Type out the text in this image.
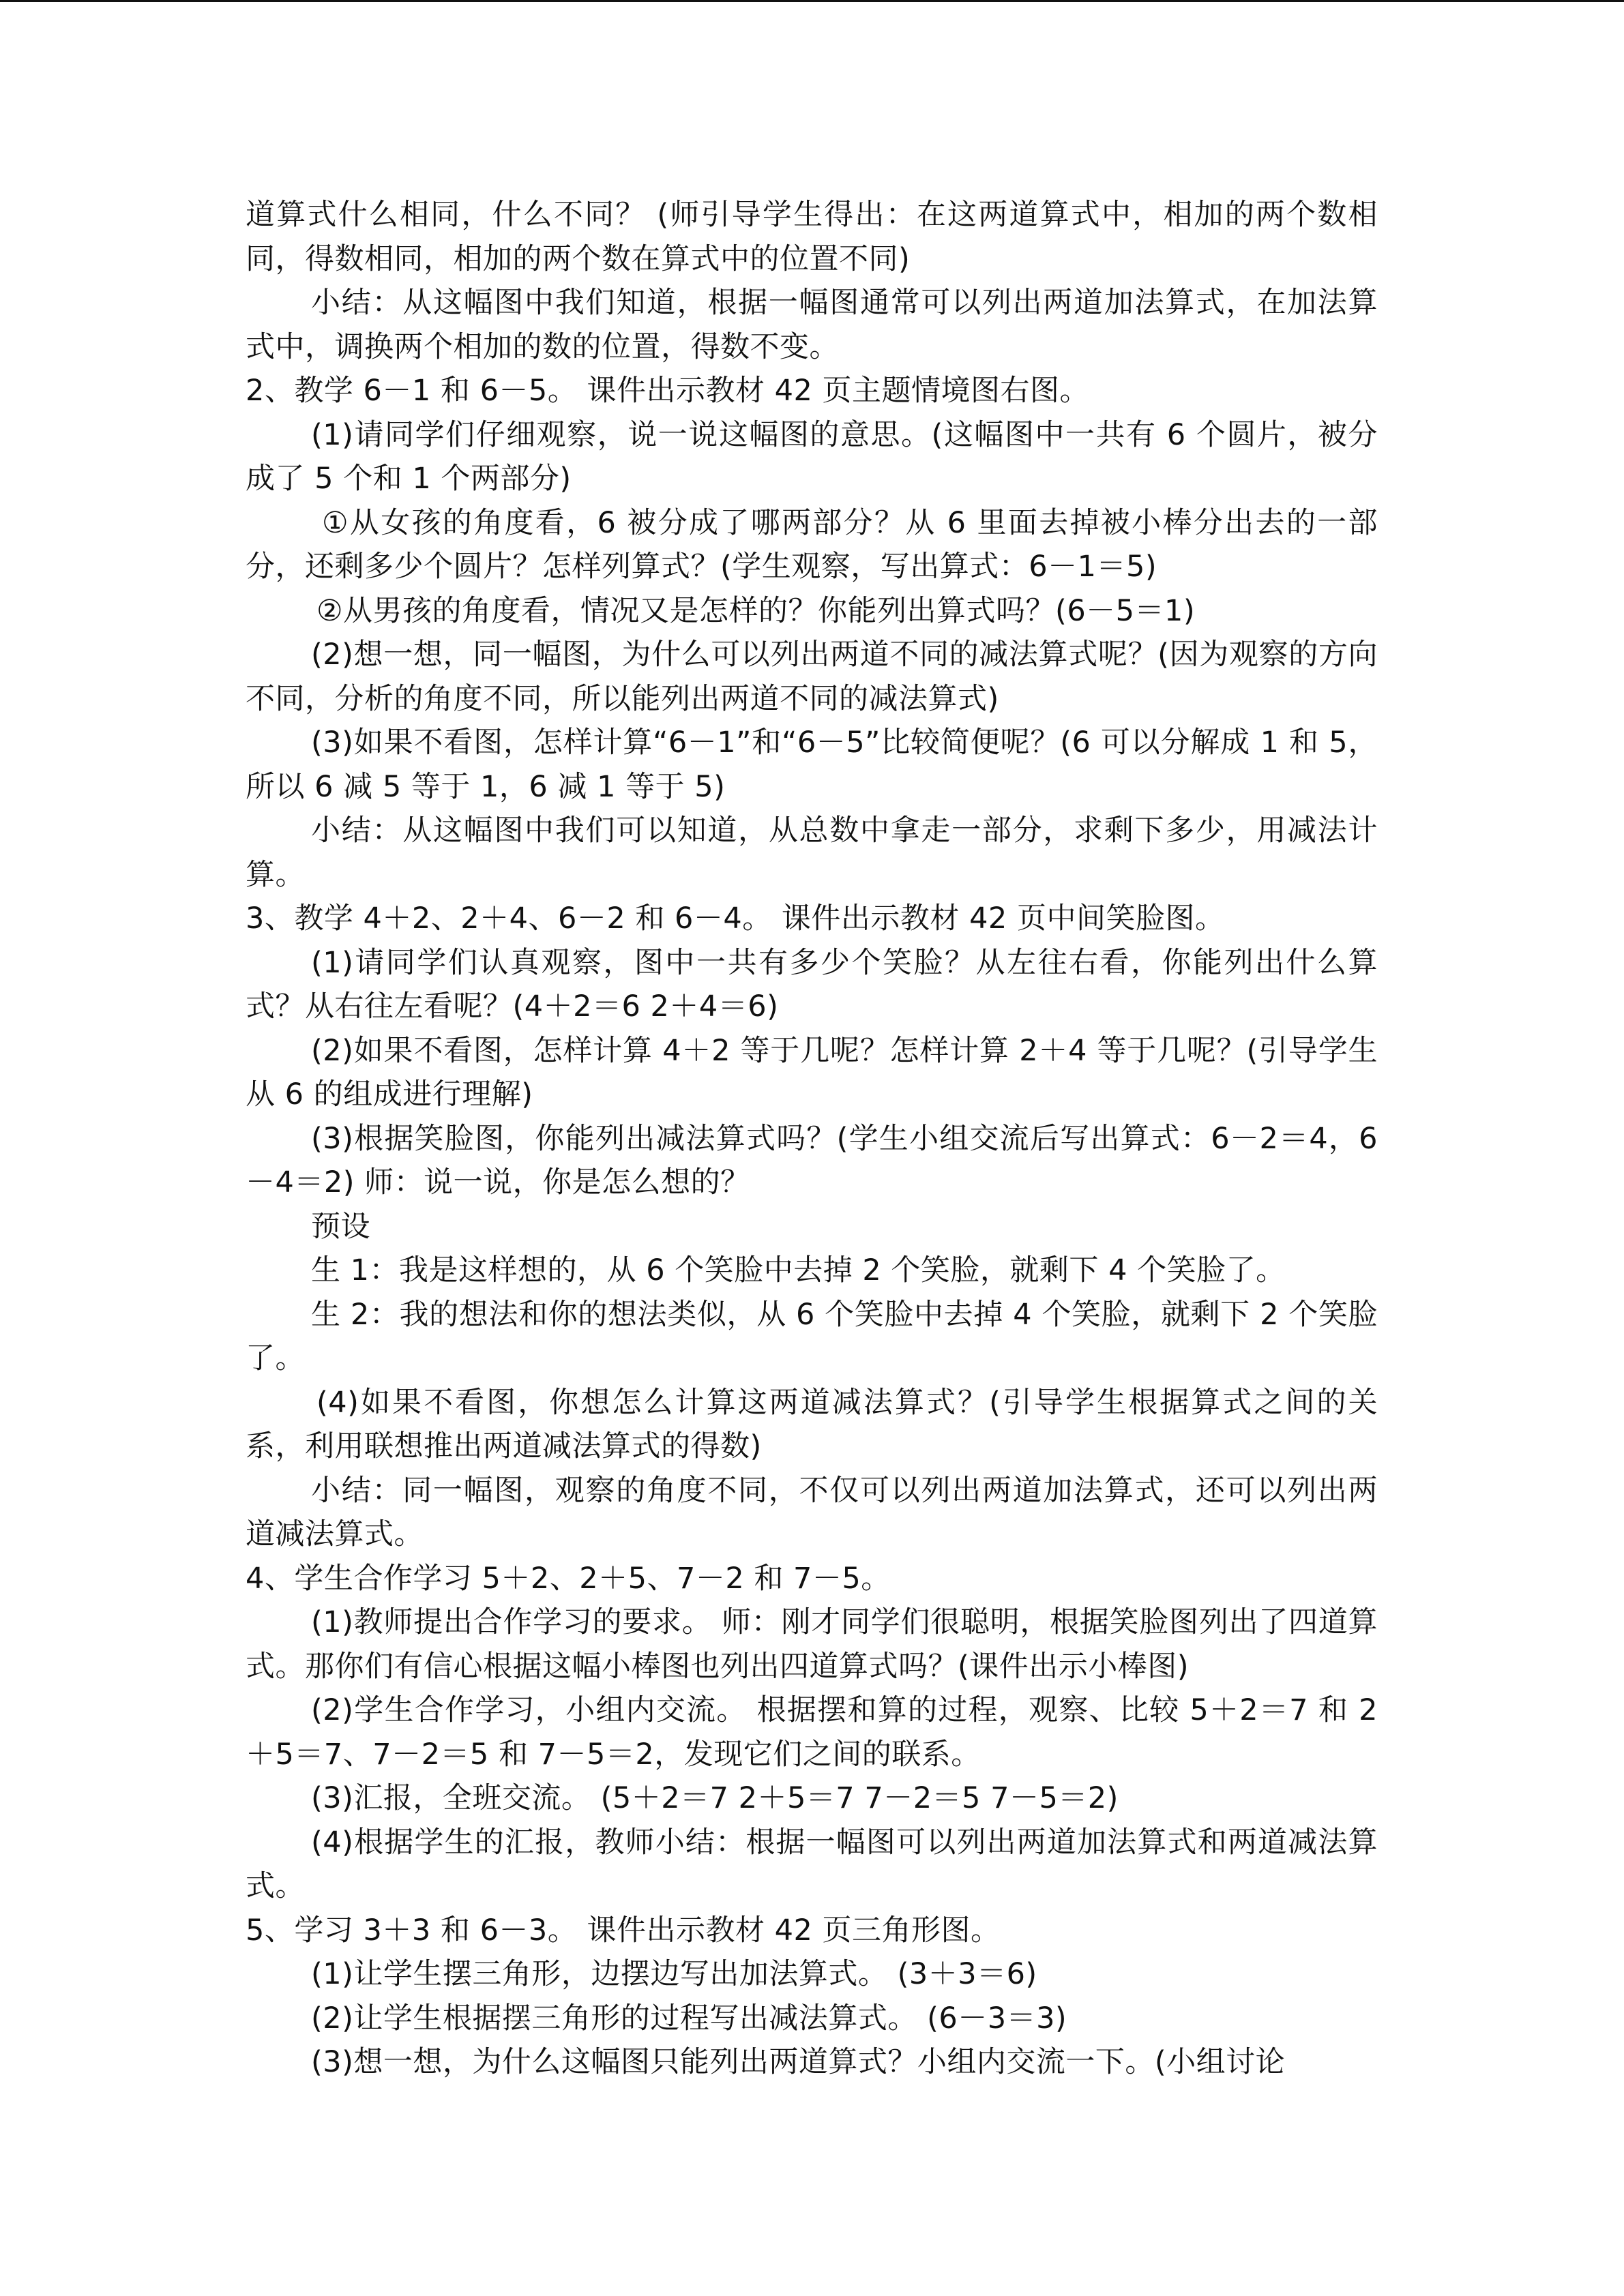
道算式什么相同，什么不同？ (师引导学生得出：在这两道算式中，相加的两个数相同，得数相同，相加的两个数在算式中的位置不同)

小结：从这幅图中我们知道，根据一幅图通常可以列出两道加法算式，在加法算式中，调换两个相加的数的位置，得数不变。

2、教学 6－1 和 6－5。 课件出示教材 42 页主题情境图右图。

(1)请同学们仔细观察，说一说这幅图的意思。(这幅图中一共有 6 个圆片，被分成了 5 个和 1 个两部分)

①从女孩的角度看，6 被分成了哪两部分？从 6 里面去掉被小棒分出去的一部分，还剩多少个圆片？怎样列算式？(学生观察，写出算式：6－1＝5)

②从男孩的角度看，情况又是怎样的？你能列出算式吗？(6－5＝1)

(2)想一想，同一幅图，为什么可以列出两道不同的减法算式呢？(因为观察的方向不同，分析的角度不同，所以能列出两道不同的减法算式)

(3)如果不看图，怎样计算“6－1”和“6－5”比较简便呢？(6 可以分解成 1 和 5，所以 6 减 5 等于 1，6 减 1 等于 5)

小结：从这幅图中我们可以知道，从总数中拿走一部分，求剩下多少，用减法计算。

3、教学 4＋2、2＋4、6－2 和 6－4。 课件出示教材 42 页中间笑脸图。

(1)请同学们认真观察，图中一共有多少个笑脸？从左往右看，你能列出什么算式？从右往左看呢？(4＋2＝6 2＋4＝6)

(2)如果不看图，怎样计算 4＋2 等于几呢？怎样计算 2＋4 等于几呢？(引导学生从 6 的组成进行理解)

(3)根据笑脸图，你能列出减法算式吗？(学生小组交流后写出算式：6－2＝4，6－4＝2) 师：说一说，你是怎么想的？

预设

生 1：我是这样想的，从 6 个笑脸中去掉 2 个笑脸，就剩下 4 个笑脸了。

生 2：我的想法和你的想法类似，从 6 个笑脸中去掉 4 个笑脸，就剩下 2 个笑脸了。

(4)如果不看图，你想怎么计算这两道减法算式？(引导学生根据算式之间的关系，利用联想推出两道减法算式的得数)

小结：同一幅图，观察的角度不同，不仅可以列出两道加法算式，还可以列出两道减法算式。

4、学生合作学习 5＋2、2＋5、7－2 和 7－5。

(1)教师提出合作学习的要求。 师：刚才同学们很聪明，根据笑脸图列出了四道算式。那你们有信心根据这幅小棒图也列出四道算式吗？(课件出示小棒图)

(2)学生合作学习，小组内交流。 根据摆和算的过程，观察、比较 5＋2＝7 和 2＋5＝7、7－2＝5 和 7－5＝2，发现它们之间的联系。

(3)汇报，全班交流。 (5＋2＝7 2＋5＝7 7－2＝5 7－5＝2)

(4)根据学生的汇报，教师小结：根据一幅图可以列出两道加法算式和两道减法算式。

5、学习 3＋3 和 6－3。 课件出示教材 42 页三角形图。

(1)让学生摆三角形，边摆边写出加法算式。 (3＋3＝6)

(2)让学生根据摆三角形的过程写出减法算式。 (6－3＝3)

(3)想一想，为什么这幅图只能列出两道算式？小组内交流一下。(小组讨论
